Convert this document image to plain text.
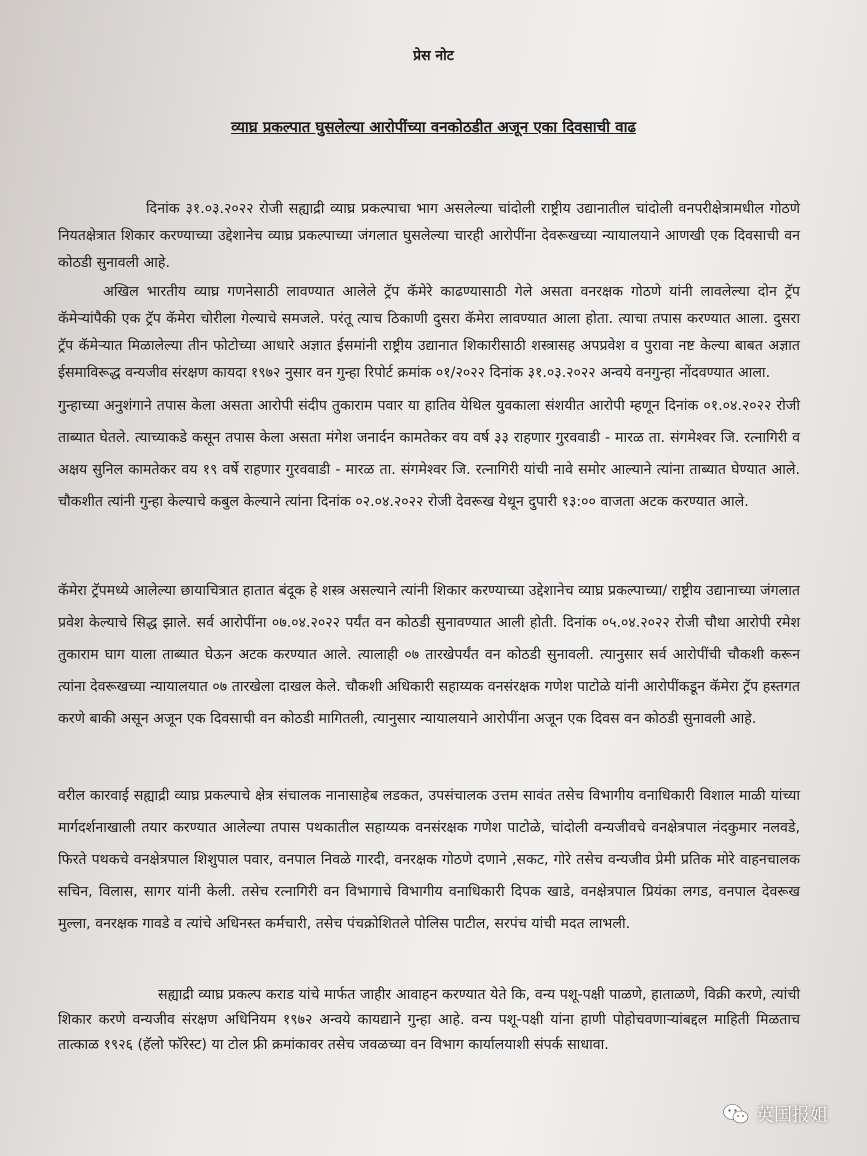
प्रेस नोट
व्याघ्र प्रकल्पात घुसलेल्या आरोपींच्या वनकोठडीत अजून एका दिवसाची वाढ

दिनांक ३१.०३.२०२२ रोजी सह्याद्री व्याघ्र प्रकल्पाचा भाग असलेल्या चांदोली राष्ट्रीय उद्यानातील चांदोली वनपरीक्षेत्रामधील गोठणे नियतक्षेत्रात शिकार करण्याच्या उद्देशानेच व्याघ्र प्रकल्पाच्या जंगलात घुसलेल्या चारही आरोपींना देवरूखच्या न्यायालयाने आणखी एक दिवसाची वन कोठडी सुनावली आहे.

अखिल भारतीय व्याघ्र गणनेसाठी लावण्यात आलेले ट्रॅप कॅमेरे काढण्यासाठी गेले असता वनरक्षक गोठणे यांनी लावलेल्या दोन ट्रॅप कॅमेऱ्यांपैकी एक ट्रॅप कॅमेरा चोरीला गेल्याचे समजले. परंतू त्याच ठिकाणी दुसरा कॅमेरा लावण्यात आला होता. त्याचा तपास करण्यात आला. दुसरा ट्रॅप कॅमेऱ्यात मिळालेल्या तीन फोटोच्या आधारे अज्ञात ईसमांनी राष्ट्रीय उद्यानात शिकारीसाठी शस्त्रासह अपप्रवेश व पुरावा नष्ट केल्या बाबत अज्ञात ईसमाविरूद्ध वन्यजीव संरक्षण कायदा १९७२ नुसार वन गुन्हा रिपोर्ट क्रमांक ०१/२०२२ दिनांक ३१.०३.२०२२ अन्वये वनगुन्हा नोंदवण्यात आला.

गुन्हाच्या अनुशंगाने तपास केला असता आरोपी संदीप तुकाराम पवार या हातिव येथिल युवकाला संशयीत आरोपी म्हणून दिनांक ०१.०४.२०२२ रोजी ताब्यात घेतले. त्याच्याकडे कसून तपास केला असता मंगेश जनार्दन कामतेकर वय वर्ष ३३ राहणार गुरववाडी - मारळ ता. संगमेश्वर जि. रत्नागिरी व अक्षय सुनिल कामतेकर वय १९ वर्षे राहणार गुरववाडी - मारळ ता. संगमेश्वर जि. रत्नागिरी यांची नावे समोर आल्याने त्यांना ताब्यात घेण्यात आले. चौकशीत त्यांनी गुन्हा केल्याचे कबुल केल्याने त्यांना दिनांक ०२.०४.२०२२ रोजी देवरूख येथून दुपारी १३:०० वाजता अटक करण्यात आले.

कॅमेरा ट्रॅपमध्ये आलेल्या छायाचित्रात हातात बंदूक हे शस्त्र असल्याने त्यांनी शिकार करण्याच्या उद्देशानेच व्याघ्र प्रकल्पाच्या/ राष्ट्रीय उद्यानाच्या जंगलात प्रवेश केल्याचे सिद्ध झाले. सर्व आरोपींना ०७.०४.२०२२ पर्यंत वन कोठडी सुनावण्यात आली होती. दिनांक ०५.०४.२०२२ रोजी चौथा आरोपी रमेश तुकाराम घाग याला ताब्यात घेऊन अटक करण्यात आले. त्यालाही ०७ तारखेपर्यंत वन कोठडी सुनावली. त्यानुसार सर्व आरोपींची चौकशी करून त्यांना देवरूखच्या न्यायालयात ०७ तारखेला दाखल केले. चौकशी अधिकारी सहाय्यक वनसंरक्षक गणेश पाटोळे यांनी आरोपींकडून कॅमेरा ट्रॅप हस्तगत करणे बाकी असून अजून एक दिवसाची वन कोठडी मागितली, त्यानुसार न्यायालयाने आरोपींना अजून एक दिवस वन कोठडी सुनावली आहे.

वरील कारवाई सह्याद्री व्याघ्र प्रकल्पाचे क्षेत्र संचालक नानासाहेब लडकत, उपसंचालक उत्तम सावंत तसेच विभागीय वनाधिकारी विशाल माळी यांच्या मार्गदर्शनाखाली तयार करण्यात आलेल्या तपास पथकातील सहाय्यक वनसंरक्षक गणेश पाटोळे, चांदोली वन्यजीवचे वनक्षेत्रपाल नंदकुमार नलवडे, फिरते पथकचे वनक्षेत्रपाल शिशुपाल पवार, वनपाल निवळे गारदी, वनरक्षक गोठणे दणाने ,सकट, गोरे तसेच वन्यजीव प्रेमी प्रतिक मोरे वाहनचालक सचिन, विलास, सागर यांनी केली. तसेच रत्नागिरी वन विभागाचे विभागीय वनाधिकारी दिपक खाडे, वनक्षेत्रपाल प्रियंका लगड, वनपाल देवरूख मुल्ला, वनरक्षक गावडे व त्यांचे अधिनस्त कर्मचारी, तसेच पंचक्रोशितले पोलिस पाटील, सरपंच यांची मदत लाभली.

सह्याद्री व्याघ्र प्रकल्प कराड यांचे मार्फत जाहीर आवाहन करण्यात येते कि, वन्य पशू-पक्षी पाळणे, हाताळणे, विक्री करणे, त्यांची शिकार करणे वन्यजीव संरक्षण अधिनियम १९७२ अन्वये कायद्याने गुन्हा आहे. वन्य पशू-पक्षी यांना हाणी पोहोचवणाऱ्यांबद्दल माहिती मिळताच तात्काळ १९२६ (हॅलो फॉरेस्ट) या टोल फ्री क्रमांकावर तसेच जवळच्या वन विभाग कार्यालयाशी संपर्क साधावा.

英国报姐
